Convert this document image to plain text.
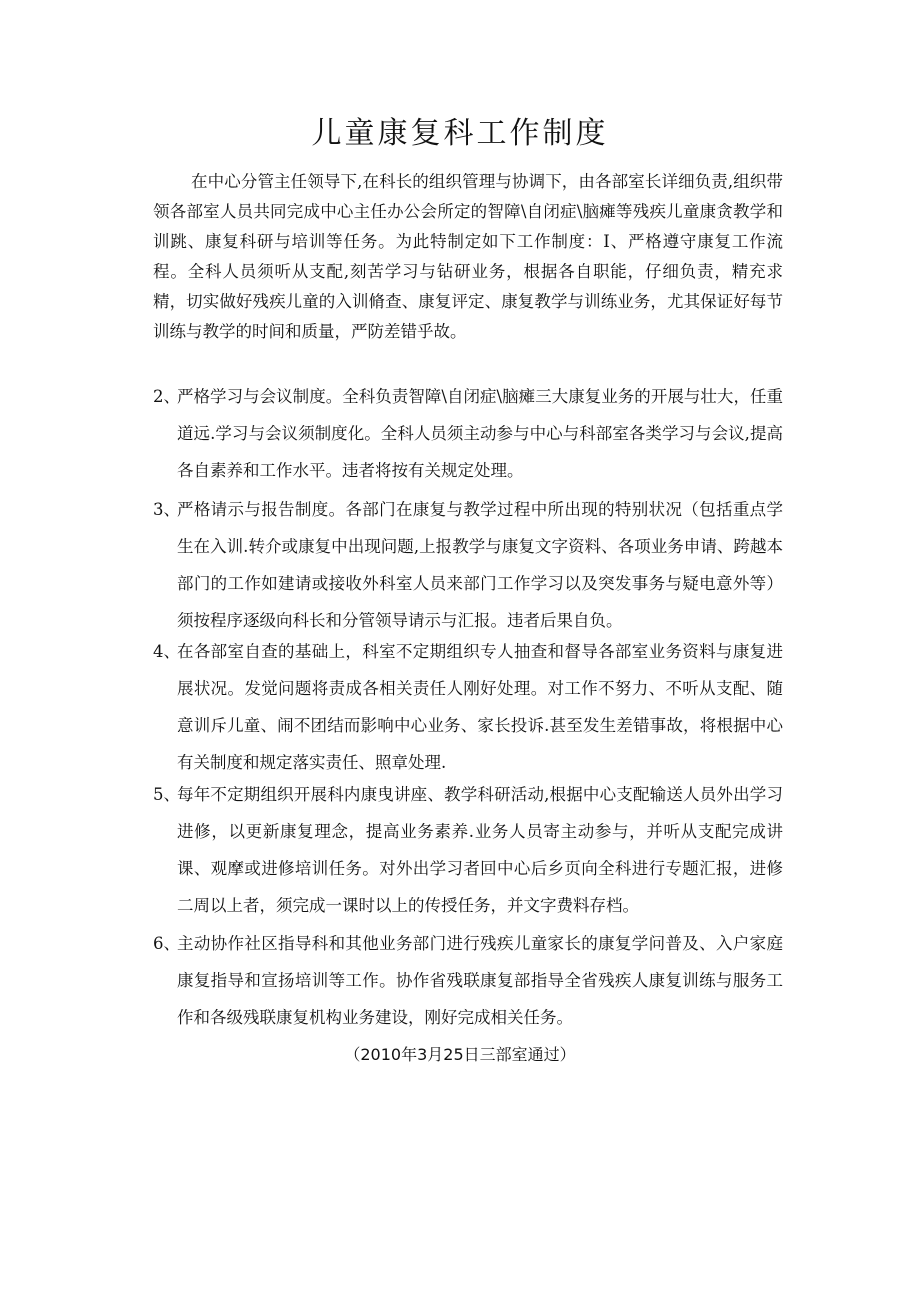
儿童康复科工作制度
在中心分管主任领导下,在科长的组织管理与协调下，由各部室长详细负责,组织带领各部室人员共同完成中心主任办公会所定的智障\自闭症\脑瘫等残疾儿童康贪教学和训跳、康复科研与培训等任务。为此特制定如下工作制度：I、严格遵守康复工作流程。全科人员须听从支配,刻苦学习与钻研业务，根据各自职能，仔细负责，精充求精，切实做好残疾儿童的入训脩查、康复评定、康复教学与训练业务，尤其保证好每节训练与教学的时间和质量，严防差错乎故。
2、
严格学习与会议制度。全科负责智障\自闭症\脑瘫三大康复业务的开展与壮大，任重道远.学习与会议须制度化。全科人员须主动参与中心与科部室各类学习与会议,提高各自素养和工作水平。违者将按有关规定处理。
3、
严格请示与报告制度。各部门在康复与教学过程中所出现的特别状况（包括重点学生在入训.转介或康复中出现问题,上报教学与康复文字资料、各项业务申请、跨越本部门的工作如建请或接收外科室人员来部门工作学习以及突发事务与疑电意外等）须按程序逐级向科长和分管领导请示与汇报。违者后果自负。
4、
在各部室自查的基础上，科室不定期组织专人抽查和督导各部室业务资料与康复进展状况。发觉问题将责成各相关责任人刚好处理。对工作不努力、不听从支配、随意训斥儿童、闹不团结而影响中心业务、家长投诉.甚至发生差错事故，将根据中心有关制度和规定落实责任、照章处理.
5、
每年不定期组织开展科内康曳讲座、教学科研活动,根据中心支配输送人员外出学习进修，以更新康复理念，提高业务素养.业务人员寄主动参与，并听从支配完成讲课、观摩或进修培训任务。对外出学习者回中心后乡页向全科进行专题汇报，进修二周以上者，须完成一课时以上的传授任务，并文字费料存档。
6、
主动协作社区指导科和其他业务部门进行残疾儿童家长的康复学问普及、入户家庭康复指导和宣扬培训等工作。协作省残联康复部指导全省残疾人康复训练与服务工作和各级残联康复机构业务建设，刚好完成相关任务。
（2010年3月25日三部室通过）
